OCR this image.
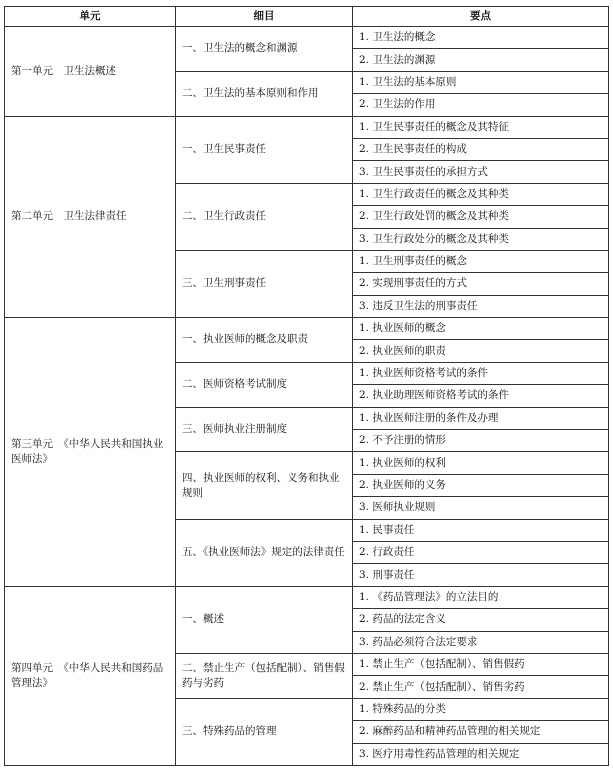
单元	细目	要点
第一单元　卫生法概述	一、卫生法的概念和渊源	1. 卫生法的概念
		2. 卫生法的渊源
	二、卫生法的基本原则和作用	1. 卫生法的基本原则
		2. 卫生法的作用
第二单元　卫生法律责任	一、卫生民事责任	1. 卫生民事责任的概念及其特征
		2. 卫生民事责任的构成
		3. 卫生民事责任的承担方式
	二、卫生行政责任	1. 卫生行政责任的概念及其种类
		2. 卫生行政处罚的概念及其种类
		3. 卫生行政处分的概念及其种类
	三、卫生刑事责任	1. 卫生刑事责任的概念
		2. 实现刑事责任的方式
		3. 违反卫生法的刑事责任
第三单元　《中华人民共和国执业医师法》	一、执业医师的概念及职责	1. 执业医师的概念
		2. 执业医师的职责
	二、医师资格考试制度	1. 执业医师资格考试的条件
		2. 执业助理医师资格考试的条件
	三、医师执业注册制度	1. 执业医师注册的条件及办理
		2. 不予注册的情形
	四、执业医师的权利、义务和执业规则	1. 执业医师的权利
		2. 执业医师的义务
		3. 医师执业规则
	五、《执业医师法》规定的法律责任	1. 民事责任
		2. 行政责任
		3. 刑事责任
第四单元　《中华人民共和国药品管理法》	一、概述	1. 《药品管理法》的立法目的
		2. 药品的法定含义
		3. 药品必须符合法定要求
	二、禁止生产（包括配制）、销售假药与劣药	1. 禁止生产（包括配制）、销售假药
		2. 禁止生产（包括配制）、销售劣药
	三、特殊药品的管理	1. 特殊药品的分类
		2. 麻醉药品和精神药品管理的相关规定
		3. 医疗用毒性药品管理的相关规定
